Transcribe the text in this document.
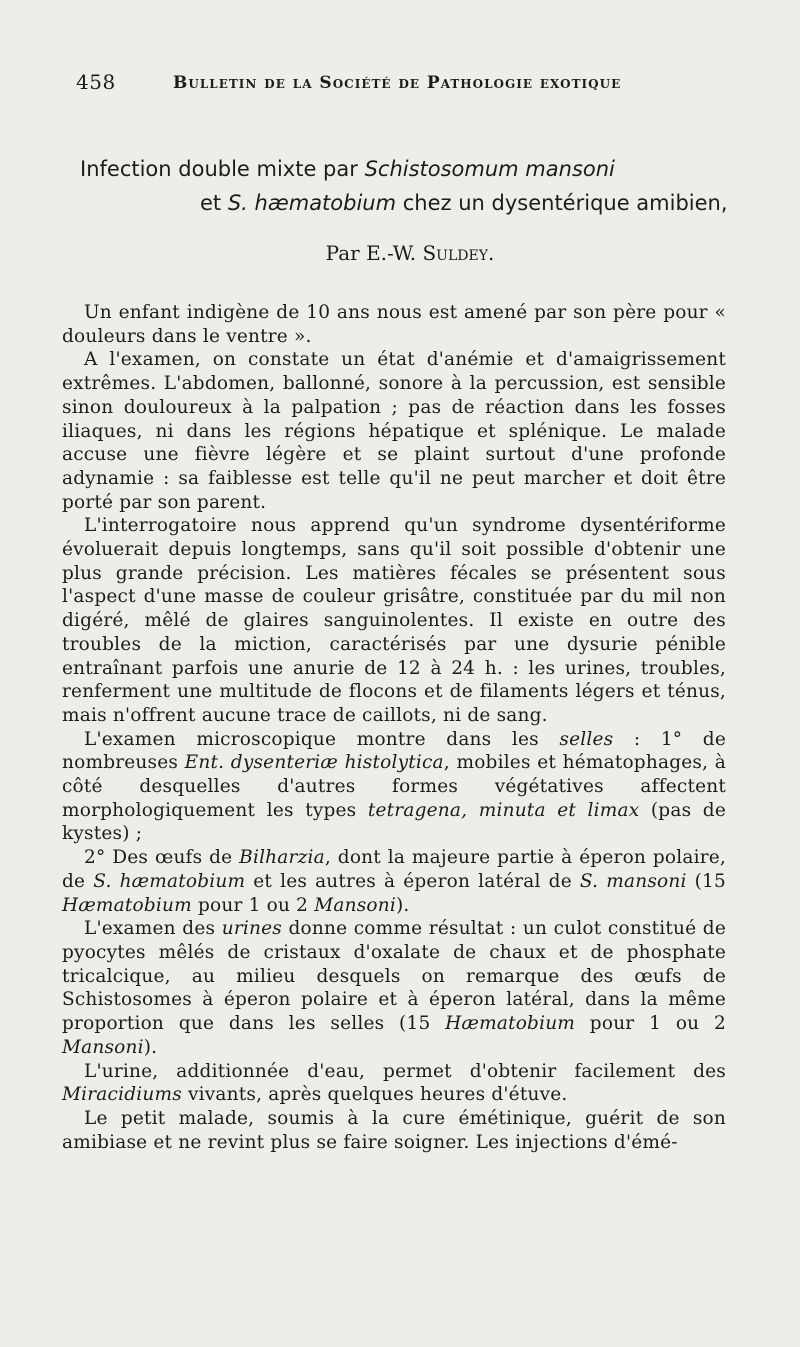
458	Bulletin de la Société de Pathologie exotique
Infection double mixte par Schistosomum mansoni
et S. hæmatobium chez un dysentérique amibien,
Par E.-W. Suldey.

Un enfant indigène de 10 ans nous est amené par son père pour « douleurs dans le ventre ».

A l'examen, on constate un état d'anémie et d'amaigrissement extrêmes. L'abdomen, ballonné, sonore à la percussion, est sensible sinon douloureux à la palpation ; pas de réaction dans les fosses iliaques, ni dans les régions hépatique et splénique. Le malade accuse une fièvre légère et se plaint surtout d'une profonde adynamie : sa faiblesse est telle qu'il ne peut marcher et doit être porté par son parent.

L'interrogatoire nous apprend qu'un syndrome dysentériforme évoluerait depuis longtemps, sans qu'il soit possible d'obtenir une plus grande précision. Les matières fécales se présentent sous l'aspect d'une masse de couleur grisâtre, constituée par du mil non digéré, mêlé de glaires sanguinolentes. Il existe en outre des troubles de la miction, caractérisés par une dysurie pénible entraînant parfois une anurie de 12 à 24 h. : les urines, troubles, renferment une multitude de flocons et de filaments légers et ténus, mais n'offrent aucune trace de caillots, ni de sang.

L'examen microscopique montre dans les selles : 1° de nombreuses Ent. dysenteriæ histolytica, mobiles et hématophages, à côté desquelles d'autres formes végétatives affectent morphologiquement les types tetragena, minuta et limax (pas de kystes) ;

2° Des œufs de Bilharzia, dont la majeure partie à éperon polaire, de S. hæmatobium et les autres à éperon latéral de S. mansoni (15 Hæmatobium pour 1 ou 2 Mansoni).

L'examen des urines donne comme résultat : un culot constitué de pyocytes mêlés de cristaux d'oxalate de chaux et de phosphate tricalcique, au milieu desquels on remarque des œufs de Schistosomes à éperon polaire et à éperon latéral, dans la même proportion que dans les selles (15 Hæmatobium pour 1 ou 2 Mansoni).

L'urine, additionnée d'eau, permet d'obtenir facilement des Miracidiums vivants, après quelques heures d'étuve.

Le petit malade, soumis à la cure émétinique, guérit de son amibiase et ne revint plus se faire soigner. Les injections d'émé-
